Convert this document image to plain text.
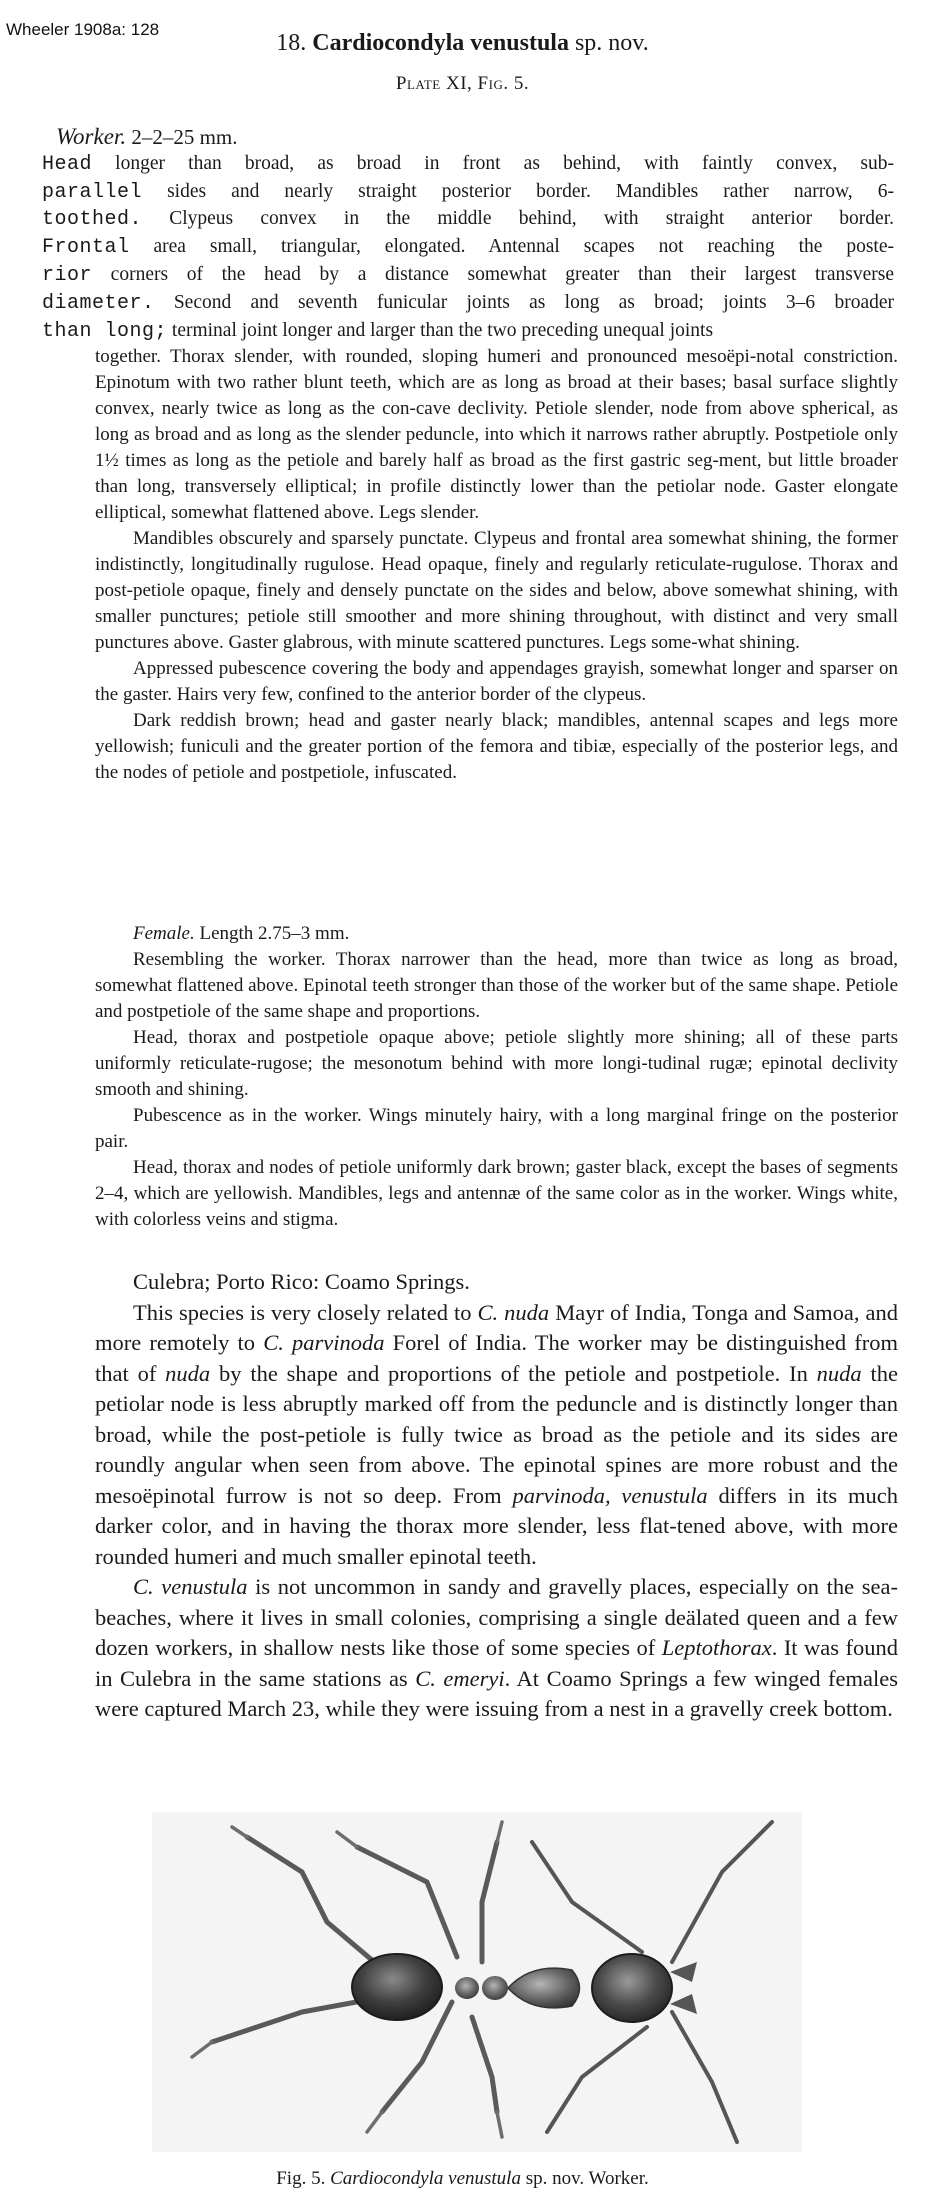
Wheeler 1908a: 128
18. Cardiocondyla venustula sp. nov.
Plate XI, Fig. 5.
Worker. 2–2–25 mm.
Head longer than broad, as broad in front as behind, with faintly convex, sub-
parallel sides and nearly straight posterior border. Mandibles rather narrow, 6-
toothed. Clypeus convex in the middle behind, with straight anterior border.
Frontal area small, triangular, elongated. Antennal scapes not reaching the poste-
rior corners of the head by a distance somewhat greater than their largest transverse
diameter. Second and seventh funicular joints as long as broad; joints 3–6 broader
than long; terminal joint longer and larger than the two preceding unequal joints

together. Thorax slender, with rounded, sloping humeri and pronounced mesoëpi-notal constriction. Epinotum with two rather blunt teeth, which are as long as broad at their bases; basal surface slightly convex, nearly twice as long as the con-cave declivity. Petiole slender, node from above spherical, as long as broad and as long as the slender peduncle, into which it narrows rather abruptly. Postpetiole only 1½ times as long as the petiole and barely half as broad as the first gastric seg-ment, but little broader than long, transversely elliptical; in profile distinctly lower than the petiolar node. Gaster elongate elliptical, somewhat flattened above. Legs slender.

Mandibles obscurely and sparsely punctate. Clypeus and frontal area somewhat shining, the former indistinctly, longitudinally rugulose. Head opaque, finely and regularly reticulate-rugulose. Thorax and post-petiole opaque, finely and densely punctate on the sides and below, above somewhat shining, with smaller punctures; petiole still smoother and more shining throughout, with distinct and very small punctures above. Gaster glabrous, with minute scattered punctures. Legs some-what shining.

Appressed pubescence covering the body and appendages grayish, somewhat longer and sparser on the gaster. Hairs very few, confined to the anterior border of the clypeus.

Dark reddish brown; head and gaster nearly black; mandibles, antennal scapes and legs more yellowish; funiculi and the greater portion of the femora and tibiæ, especially of the posterior legs, and the nodes of petiole and postpetiole, infuscated.

Female. Length 2.75–3 mm.

Resembling the worker. Thorax narrower than the head, more than twice as long as broad, somewhat flattened above. Epinotal teeth stronger than those of the worker but of the same shape. Petiole and postpetiole of the same shape and proportions.

Head, thorax and postpetiole opaque above; petiole slightly more shining; all of these parts uniformly reticulate-rugose; the mesonotum behind with more longi-tudinal rugæ; epinotal declivity smooth and shining.

Pubescence as in the worker. Wings minutely hairy, with a long marginal fringe on the posterior pair.

Head, thorax and nodes of petiole uniformly dark brown; gaster black, except the bases of segments 2–4, which are yellowish. Mandibles, legs and antennæ of the same color as in the worker. Wings white, with colorless veins and stigma.

Culebra; Porto Rico: Coamo Springs.

This species is very closely related to C. nuda Mayr of India, Tonga and Samoa, and more remotely to C. parvinoda Forel of India. The worker may be distinguished from that of nuda by the shape and proportions of the petiole and postpetiole. In nuda the petiolar node is less abruptly marked off from the peduncle and is distinctly longer than broad, while the post-petiole is fully twice as broad as the petiole and its sides are roundly angular when seen from above. The epinotal spines are more robust and the mesoëpinotal furrow is not so deep. From parvinoda, venustula differs in its much darker color, and in having the thorax more slender, less flat-tened above, with more rounded humeri and much smaller epinotal teeth.

C. venustula is not uncommon in sandy and gravelly places, especially on the sea-beaches, where it lives in small colonies, comprising a single deälated queen and a few dozen workers, in shallow nests like those of some species of Leptothorax. It was found in Culebra in the same stations as C. emeryi. At Coamo Springs a few winged females were captured March 23, while they were issuing from a nest in a gravelly creek bottom.

Fig. 5. Cardiocondyla venustula sp. nov. Worker.
